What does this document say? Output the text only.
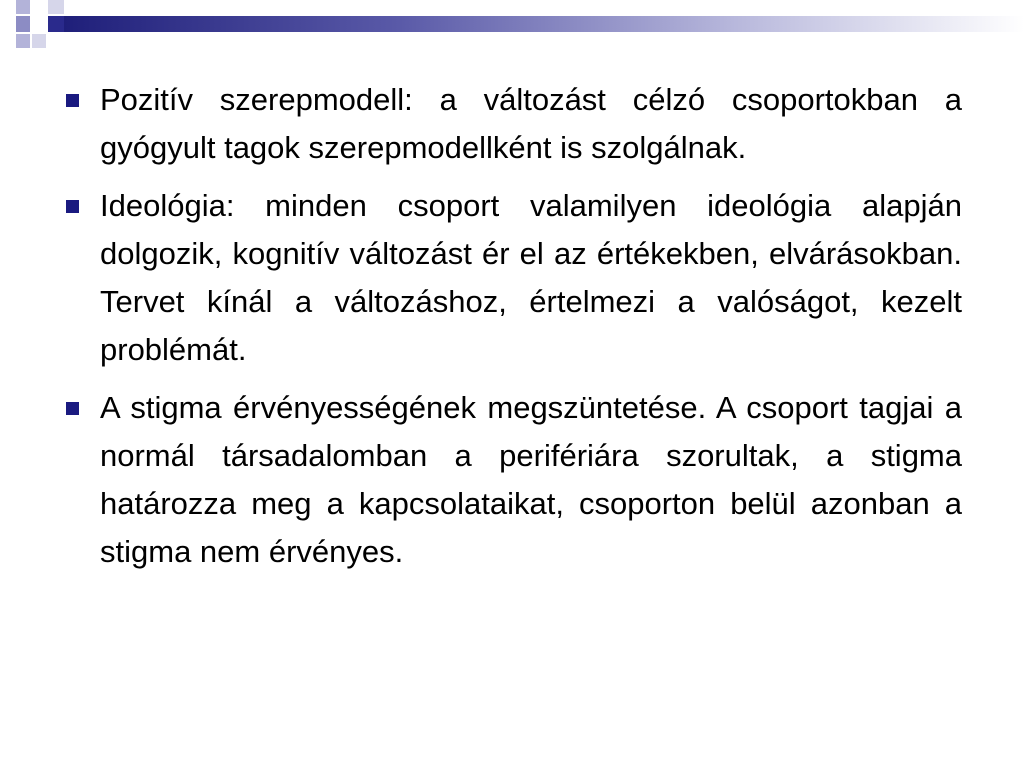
Pozitív szerepmodell: a változást célzó csoportokban a gyógyult tagok szerepmodellként is szolgálnak.
Ideológia: minden csoport valamilyen ideológia alapján dolgozik, kognitív változást ér el az értékekben, elvárásokban. Tervet kínál a változáshoz, értelmezi a valóságot, kezelt problémát.
A stigma érvényességének megszüntetése. A csoport tagjai a normál társadalomban a perifériára szorultak, a stigma határozza meg a kapcsolataikat, csoporton belül azonban a stigma nem érvényes.
